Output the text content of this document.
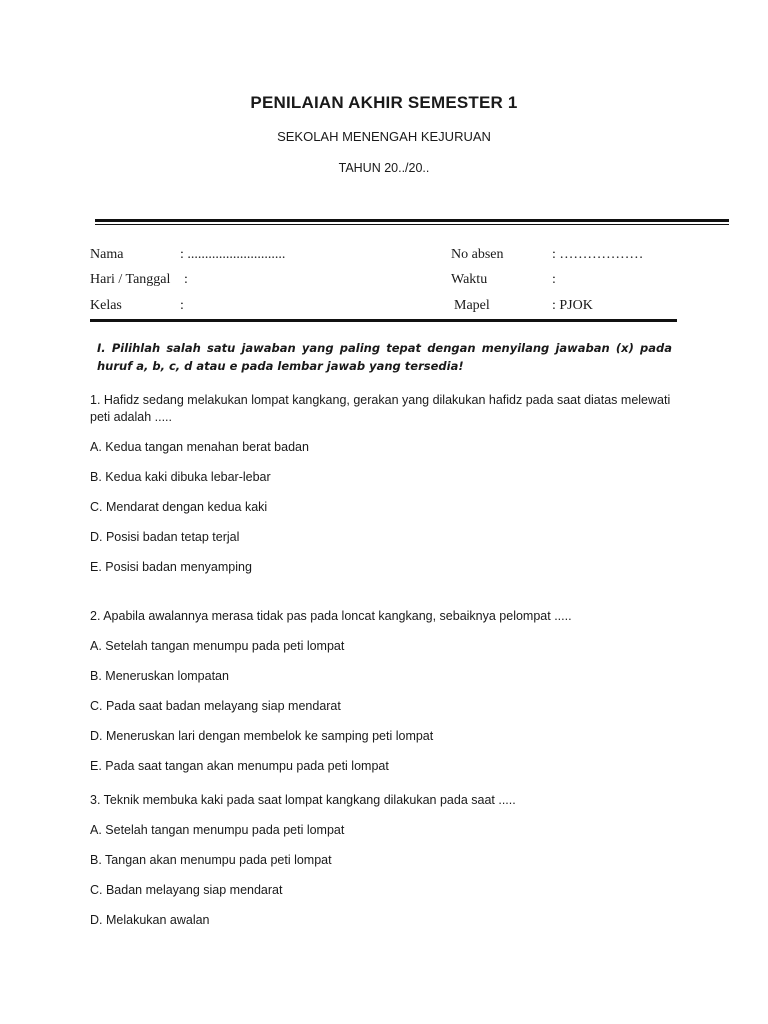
PENILAIAN AKHIR SEMESTER 1
SEKOLAH MENENGAH KEJURUAN
TAHUN 20../20..
Nama	: ............................	No absen	: ………………
Hari / Tanggal :	Waktu	:
Kelas	:	Mapel	: PJOK
I. Pilihlah salah satu jawaban yang paling tepat dengan menyilang jawaban (x) pada huruf a, b, c, d atau e pada lembar jawab yang tersedia!
1. Hafidz sedang melakukan lompat kangkang, gerakan yang dilakukan hafidz pada saat diatas melewati peti adalah .....
A. Kedua tangan menahan berat badan
B. Kedua kaki dibuka lebar-lebar
C. Mendarat dengan kedua kaki
D. Posisi badan tetap terjal
E. Posisi badan menyamping
2. Apabila awalannya merasa tidak pas pada loncat kangkang, sebaiknya pelompat .....
A. Setelah tangan menumpu pada peti lompat
B. Meneruskan lompatan
C. Pada saat badan melayang siap mendarat
D. Meneruskan lari dengan membelok ke samping peti lompat
E. Pada saat tangan akan menumpu pada peti lompat
3. Teknik membuka kaki pada saat lompat kangkang dilakukan pada saat .....
A. Setelah tangan menumpu pada peti lompat
B. Tangan akan menumpu pada peti lompat
C. Badan melayang siap mendarat
D. Melakukan awalan
